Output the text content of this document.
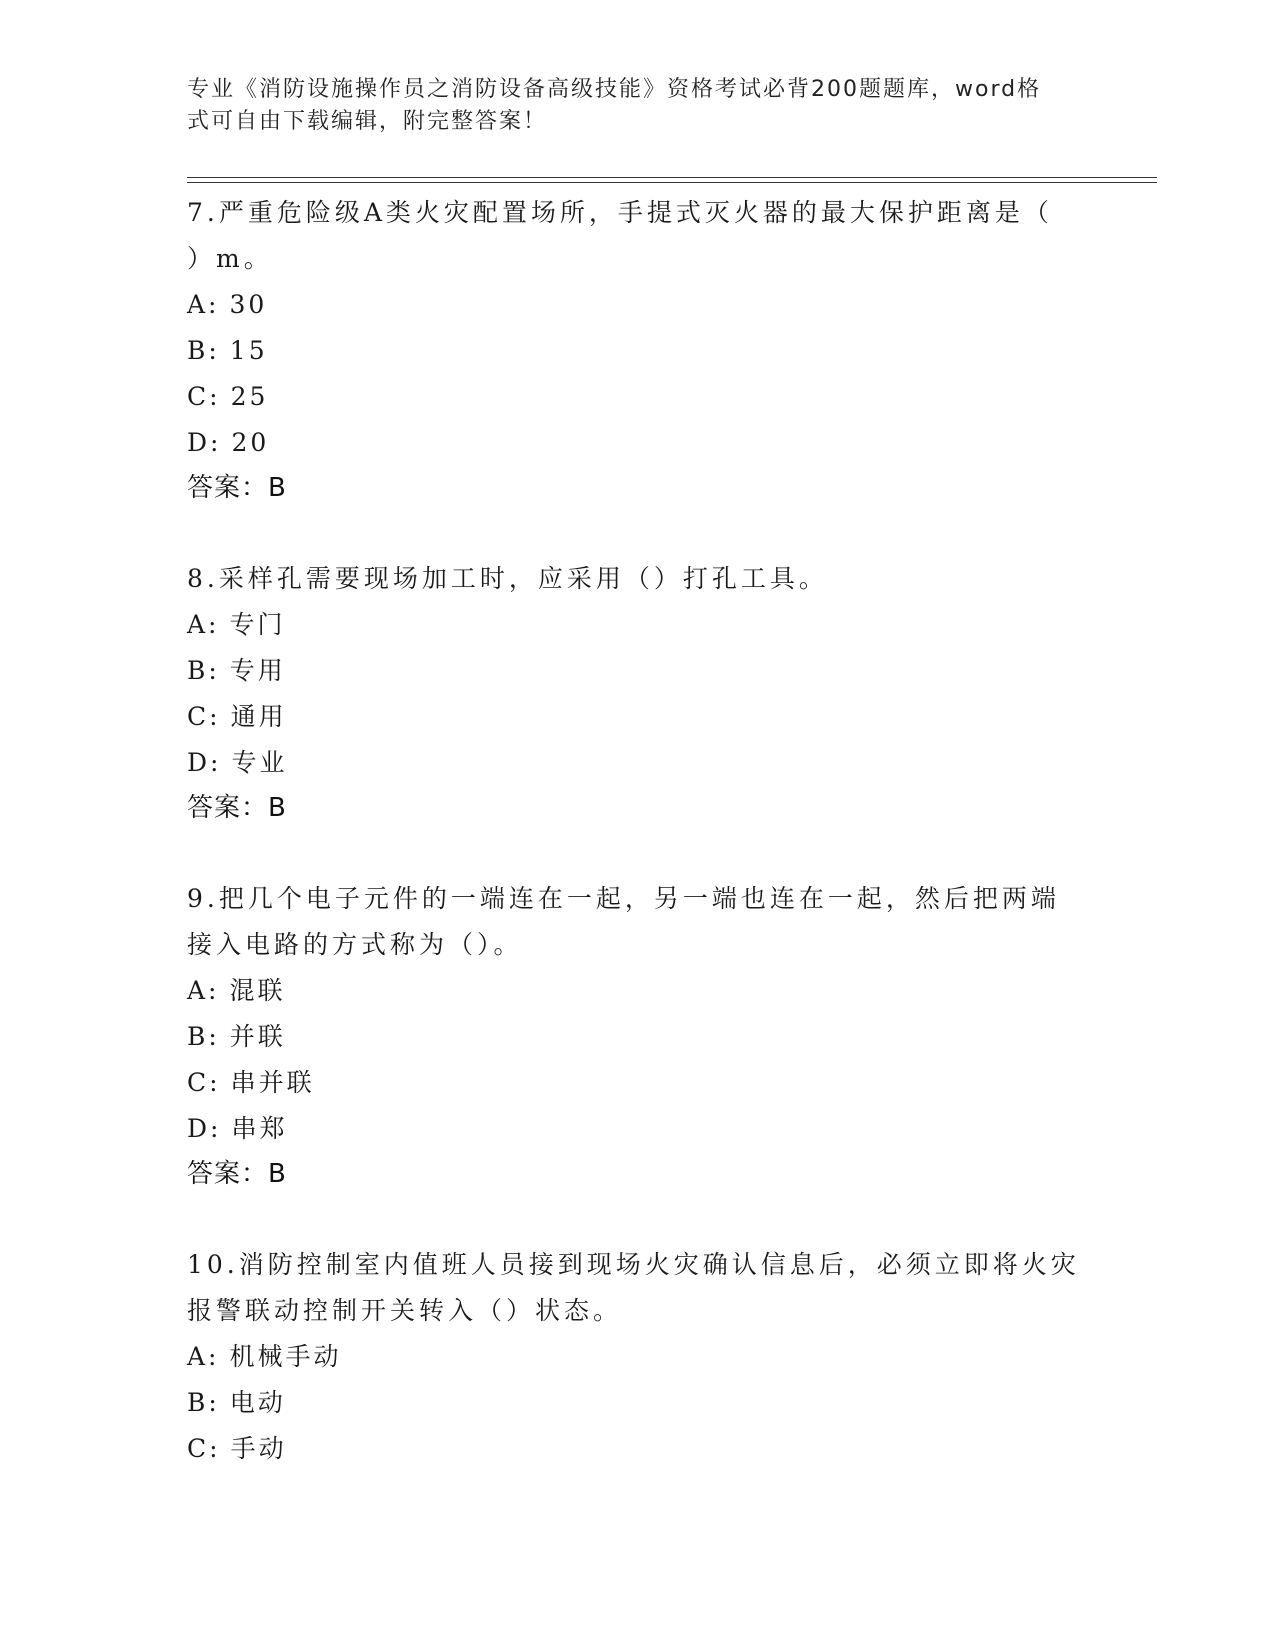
专业《消防设施操作员之消防设备高级技能》资格考试必背200题题库，word格
式可自由下载编辑，附完整答案！
7.严重危险级A类火灾配置场所，手提式灭火器的最大保护距离是（
）m。
A: 30
B: 15
C: 25
D: 20
答案：B
8.采样孔需要现场加工时，应采用（）打孔工具。
A: 专门
B: 专用
C: 通用
D: 专业
答案：B
9.把几个电子元件的一端连在一起，另一端也连在一起，然后把两端
接入电路的方式称为（）。
A: 混联
B: 并联
C: 串并联
D: 串郑
答案：B
10.消防控制室内值班人员接到现场火灾确认信息后，必须立即将火灾
报警联动控制开关转入（）状态。
A: 机械手动
B: 电动
C: 手动
